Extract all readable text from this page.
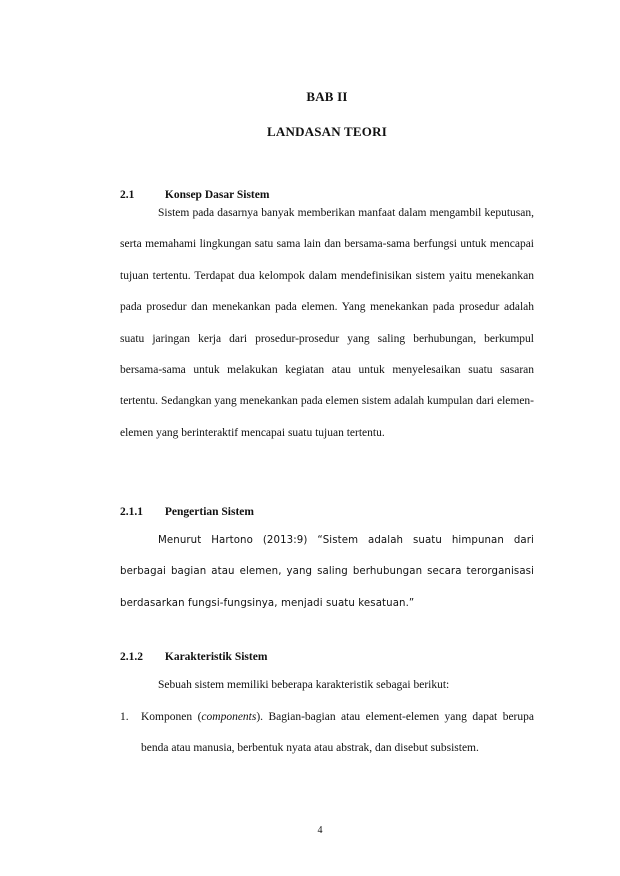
BAB II
LANDASAN TEORI
2.1	Konsep Dasar Sistem

Sistem pada dasarnya banyak memberikan manfaat dalam mengambil keputusan, serta memahami lingkungan satu sama lain dan bersama-sama berfungsi untuk mencapai tujuan tertentu. Terdapat dua kelompok dalam mendefinisikan sistem yaitu menekankan pada prosedur dan menekankan pada elemen. Yang menekankan pada prosedur adalah suatu jaringan kerja dari prosedur-prosedur yang saling berhubungan, berkumpul bersama-sama untuk melakukan kegiatan atau untuk menyelesaikan suatu sasaran tertentu. Sedangkan yang menekankan pada elemen sistem adalah kumpulan dari elemen-elemen yang berinteraktif mencapai suatu tujuan tertentu.

2.1.1 Pengertian Sistem

Menurut Hartono (2013:9) “Sistem adalah suatu himpunan dari berbagai bagian atau elemen, yang saling berhubungan secara terorganisasi berdasarkan fungsi-fungsinya, menjadi suatu kesatuan.”

2.1.2 Karakteristik Sistem

Sebuah sistem memiliki beberapa karakteristik sebagai berikut:

1.	Komponen (components). Bagian-bagian atau element-elemen yang dapat berupa benda atau manusia, berbentuk nyata atau abstrak, dan disebut subsistem.
4
